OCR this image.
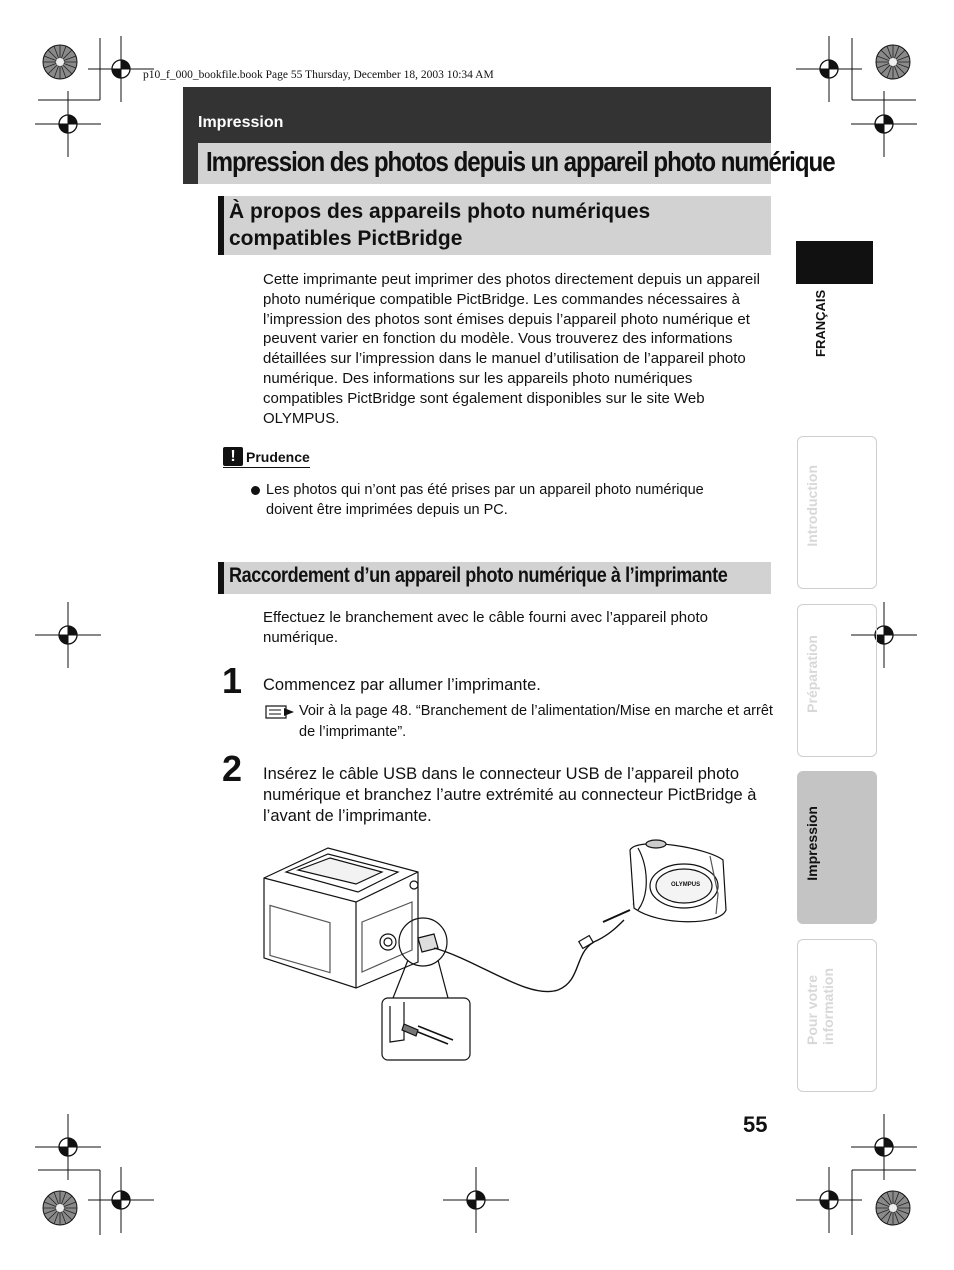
p10_f_000_bookfile.book Page 55 Thursday, December 18, 2003 10:34 AM
Impression
Impression des photos depuis un appareil photo numérique
À propos des appareils photo numériques compatibles PictBridge
Cette imprimante peut imprimer des photos directement depuis un appareil photo numérique compatible PictBridge. Les commandes nécessaires à l’impression des photos sont émises depuis l’appareil photo numérique et peuvent varier en fonction du modèle. Vous trouverez des informations détaillées sur l’impression dans le manuel d’utilisation de l’appareil photo numérique. Des informations sur les appareils photo numériques compatibles PictBridge sont également disponibles sur le site Web OLYMPUS.
! Prudence
Les photos qui n’ont pas été prises par un appareil photo numérique doivent être imprimées depuis un PC.
Raccordement d’un appareil photo numérique à l’imprimante
Effectuez le branchement avec le câble fourni avec l’appareil photo numérique.
1 Commencez par allumer l’imprimante.
Voir à la page 48. “Branchement de l’alimentation/Mise en marche et arrêt de l’imprimante”.
2 Insérez le câble USB dans le connecteur USB de l’appareil photo numérique et branchez l’autre extrémité au connecteur PictBridge à l’avant de l’imprimante.
OLYMPUS
FRANÇAIS
Introduction
Préparation
Impression
Pour votre
information
55
